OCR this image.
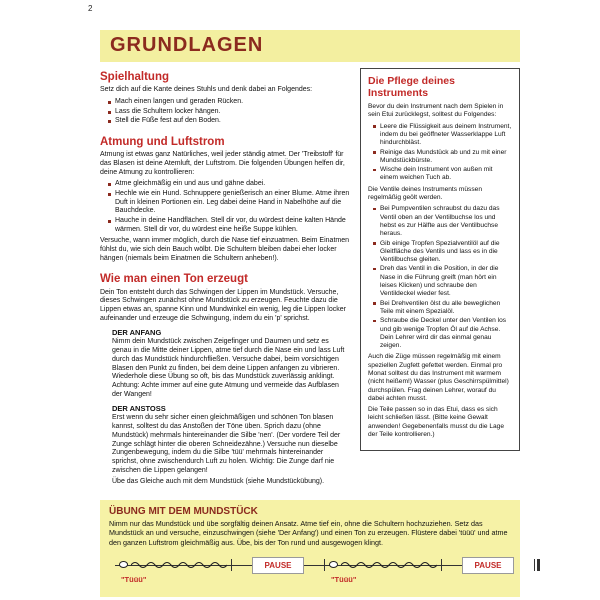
2
GRUNDLAGEN
Spielhaltung

Setz dich auf die Kante deines Stuhls und denk dabei an Folgendes:

Mach einen langen und geraden Rücken.
Lass die Schultern locker hängen.
Stell die Füße fest auf den Boden.
Atmung und Luftstrom

Atmung ist etwas ganz Natürliches, weil jeder ständig atmet. Der 'Treibstoff' für das Blasen ist deine Atemluft, der Luftstrom. Die folgenden Übungen helfen dir, deine Atmung zu kontrollieren:

Atme gleichmäßig ein und aus und gähne dabei.
Hechle wie ein Hund. Schnuppere genießerisch an einer Blume. Atme ihren Duft in kleinen Portionen ein. Leg dabei deine Hand in Nabelhöhe auf die Bauchdecke.
Hauche in deine Handflächen. Stell dir vor, du würdest deine kalten Hände wärmen. Stell dir vor, du würdest eine heiße Suppe kühlen.

Versuche, wann immer möglich, durch die Nase tief einzuatmen. Beim Einatmen fühlst du, wie sich dein Bauch wölbt. Die Schultern bleiben dabei eher locker hängen (niemals beim Einatmen die Schultern anheben!).

Wie man einen Ton erzeugt

Dein Ton entsteht durch das Schwingen der Lippen im Mundstück. Versuche, dieses Schwingen zunächst ohne Mundstück zu erzeugen. Feuchte dazu die Lippen etwas an, spanne Kinn und Mundwinkel ein wenig, leg die Lippen locker aufeinander und erzeuge die Schwingung, indem du ein 'p' sprichst.

DER ANFANG

Nimm dein Mundstück zwischen Zeigefinger und Daumen und setz es genau in die Mitte deiner Lippen, atme tief durch die Nase ein und lass Luft durch das Mundstück hindurchfließen. Versuche dabei, beim vorsichtigen Blasen den Punkt zu finden, bei dem deine Lippen anfangen zu vibrieren. Wiederhole diese Übung so oft, bis das Mundstück zuverlässig anklingt. Achtung: Achte immer auf eine gute Atmung und vermeide das Aufblasen der Wangen!

DER ANSTOSS

Erst wenn du sehr sicher einen gleichmäßigen und schönen Ton blasen kannst, solltest du das Anstoßen der Töne üben. Sprich dazu (ohne Mundstück) mehrmals hintereinander die Silbe 'nen'. (Der vordere Teil der Zunge schlägt hinter die oberen Schneidezähne.) Versuche nun dieselbe Zungenbewegung, indem du die Silbe 'tüü' mehrmals hintereinander sprichst, ohne zwischendurch Luft zu holen. Wichtig: Die Zunge darf nie zwischen die Lippen gelangen!

Übe das Gleiche auch mit dem Mundstück (siehe Mundstückübung).

Die Pflege deines Instruments

Bevor du dein Instrument nach dem Spielen in sein Etui zurücklegst, solltest du Folgendes:

Leere die Flüssigkeit aus deinem Instrument, indem du bei geöffneter Wasserklappe Luft hindurchbläst.
Reinige das Mundstück ab und zu mit einer Mundstückbürste.
Wische dein Instrument von außen mit einem weichen Tuch ab.

Die Ventile deines Instruments müssen regelmäßig geölt werden.

Bei Pumpventilen schraubst du dazu das Ventil oben an der Ventilbuchse los und hebst es zur Hälfte aus der Ventilbuchse heraus.
Gib einige Tropfen Spezialventilöl auf die Gleitfläche des Ventils und lass es in die Ventilbuchse gleiten.
Dreh das Ventil in die Position, in der die Nase in die Führung greift (man hört ein leises Klicken) und schraube den Ventildeckel wieder fest.
Bei Drehventilen ölst du alle beweglichen Teile mit einem Spezialöl.
Schraube die Deckel unter den Ventilen los und gib wenige Tropfen Öl auf die Achse. Dein Lehrer wird dir das einmal genau zeigen.

Auch die Züge müssen regelmäßig mit einem speziellen Zugfett gefettet werden. Einmal pro Monat solltest du das Instrument mit warmem (nicht heißem!) Wasser (plus Geschirrspülmittel) durchspülen. Frag deinen Lehrer, worauf du dabei achten musst.

Die Teile passen so in das Etui, dass es sich leicht schließen lässt. (Bitte keine Gewalt anwenden! Gegebenenfalls musst du die Lage der Teile kontrollieren.)

ÜBUNG MIT DEM MUNDSTÜCK

Nimm nur das Mundstück und übe sorgfältig deinen Ansatz. Atme tief ein, ohne die Schultern hochzuziehen. Setz das Mundstück an und versuche, einzuschwingen (siehe 'Der Anfang') und einen Ton zu erzeugen. Flüstere dabei 'tüüü' und atme den ganzen Luftstrom gleichmäßig aus. Übe, bis der Ton rund und ausgewogen klingt.

"Tüüü"
PAUSE
"Tüüü"
PAUSE
